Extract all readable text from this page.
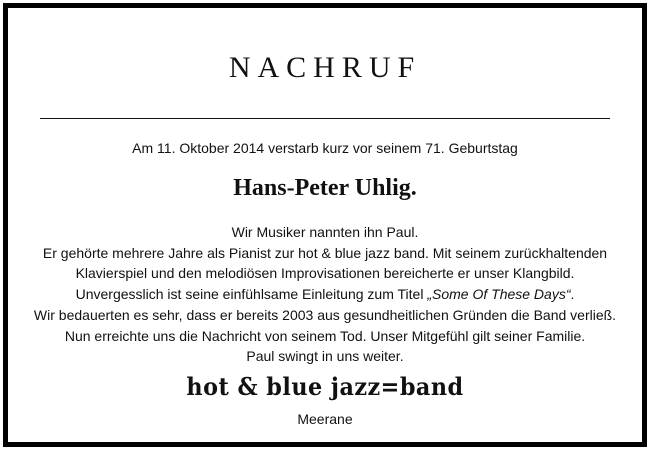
NACHRUF
Am 11. Oktober 2014 verstarb kurz vor seinem 71. Geburtstag
Hans-Peter Uhlig.
Wir Musiker nannten ihn Paul.
Er gehörte mehrere Jahre als Pianist zur hot & blue jazz band. Mit seinem zurückhaltenden
Klavierspiel und den melodiösen Improvisationen bereicherte er unser Klangbild.
Unvergesslich ist seine einfühlsame Einleitung zum Titel „Some Of These Days“.
Wir bedauerten es sehr, dass er bereits 2003 aus gesundheitlichen Gründen die Band verließ.
Nun erreichte uns die Nachricht von seinem Tod. Unser Mitgefühl gilt seiner Familie.
Paul swingt in uns weiter.
hot & blue jazz=band
Meerane
